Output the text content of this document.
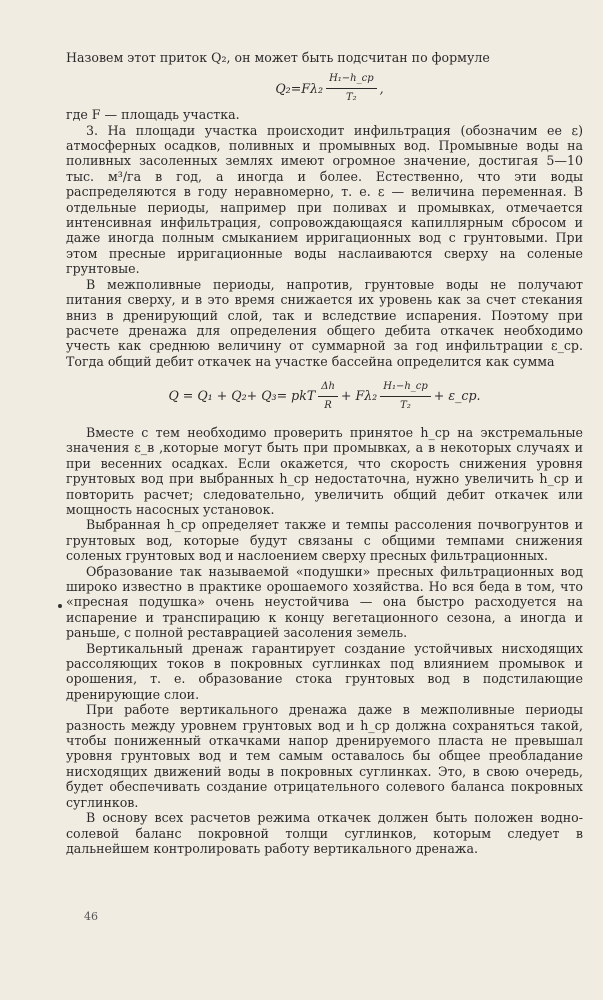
Назовем этот приток Q₂, он может быть подсчитан по формуле

$Q_2=F\lambda_2 \frac{\text{H₁−h\_ср}}{\text{T₂}}$ ,

где F — площадь участка.

3. На площади участка происходит инфильтрация (обозначим ее ε) атмосферных осадков, поливных и промывных вод. Промывные воды на поливных засоленных землях имеют огромное значение, достигая 5—10 тыс. м³/га в год, а иногда и более. Естественно, что эти воды распределяются в году неравномерно, т. е. ε — величина переменная. В отдельные периоды, например при поливах и промывках, отмечается интенсивная инфильтрация, сопровождающаяся капиллярным сбросом и даже иногда полным смыканием ирригационных вод с грунтовыми. При этом пресные ирригационные воды наслаиваются сверху на соленые грунтовые.

В межполивные периоды, напротив, грунтовые воды не получают питания сверху, и в это время снижается их уровень как за счет стекания вниз в дренирующий слой, так и вследствие испарения. Поэтому при расчете дренажа для определения общего дебита откачек необходимо учесть как среднюю величину от суммарной за год инфильтрации ε_ср. Тогда общий дебит откачек на участке бассейна определится как сумма

Q = Q₁ + Q₂+ Q₃= pkT $\frac{\Delta h}{R} + F\lambda_2 \frac{\text{H₁−h\_ср}}{\text{T₂}}$ + ε_ср.

Вместе с тем необходимо проверить принятое h_ср на экстремальные значения ε_в ,которые могут быть при промывках, а в некоторых случаях и при весенних осадках. Если окажется, что скорость снижения уровня грунтовых вод при выбранных h_ср недостаточна, нужно увеличить h_ср и повторить расчет; следовательно, увеличить общий дебит откачек или мощность насосных установок.

Выбранная h_ср определяет также и темпы рассоления почвогрунтов и грунтовых вод, которые будут связаны с общими темпами снижения соленых грунтовых вод и наслоением сверху пресных фильтрационных.

Образование так называемой «подушки» пресных фильтрационных вод широко известно в практике орошаемого хозяйства. Но вся беда в том, что «пресная подушка» очень неустойчива — она быстро расходуется на испарение и транспирацию к концу вегетационного сезона, а иногда и раньше, с полной реставрацией засоления земель.

Вертикальный дренаж гарантирует создание устойчивых нисходящих рассоляющих токов в покровных суглинках под влиянием промывок и орошения, т. е. образование стока грунтовых вод в подстилающие дренирующие слои.

При работе вертикального дренажа даже в межполивные периоды разность между уровнем грунтовых вод и h_ср должна сохраняться такой, чтобы пониженный откачками напор дренируемого пласта не превышал уровня грунтовых вод и тем самым оставалось бы общее преобладание нисходящих движений воды в покровных суглинках. Это, в свою очередь, будет обеспечивать создание отрицательного солевого баланса покровных суглинков.

В основу всех расчетов режима откачек должен быть положен водно-солевой баланс покровной толщи суглинков, которым следует в дальнейшем контролировать работу вертикального дренажа.

46
